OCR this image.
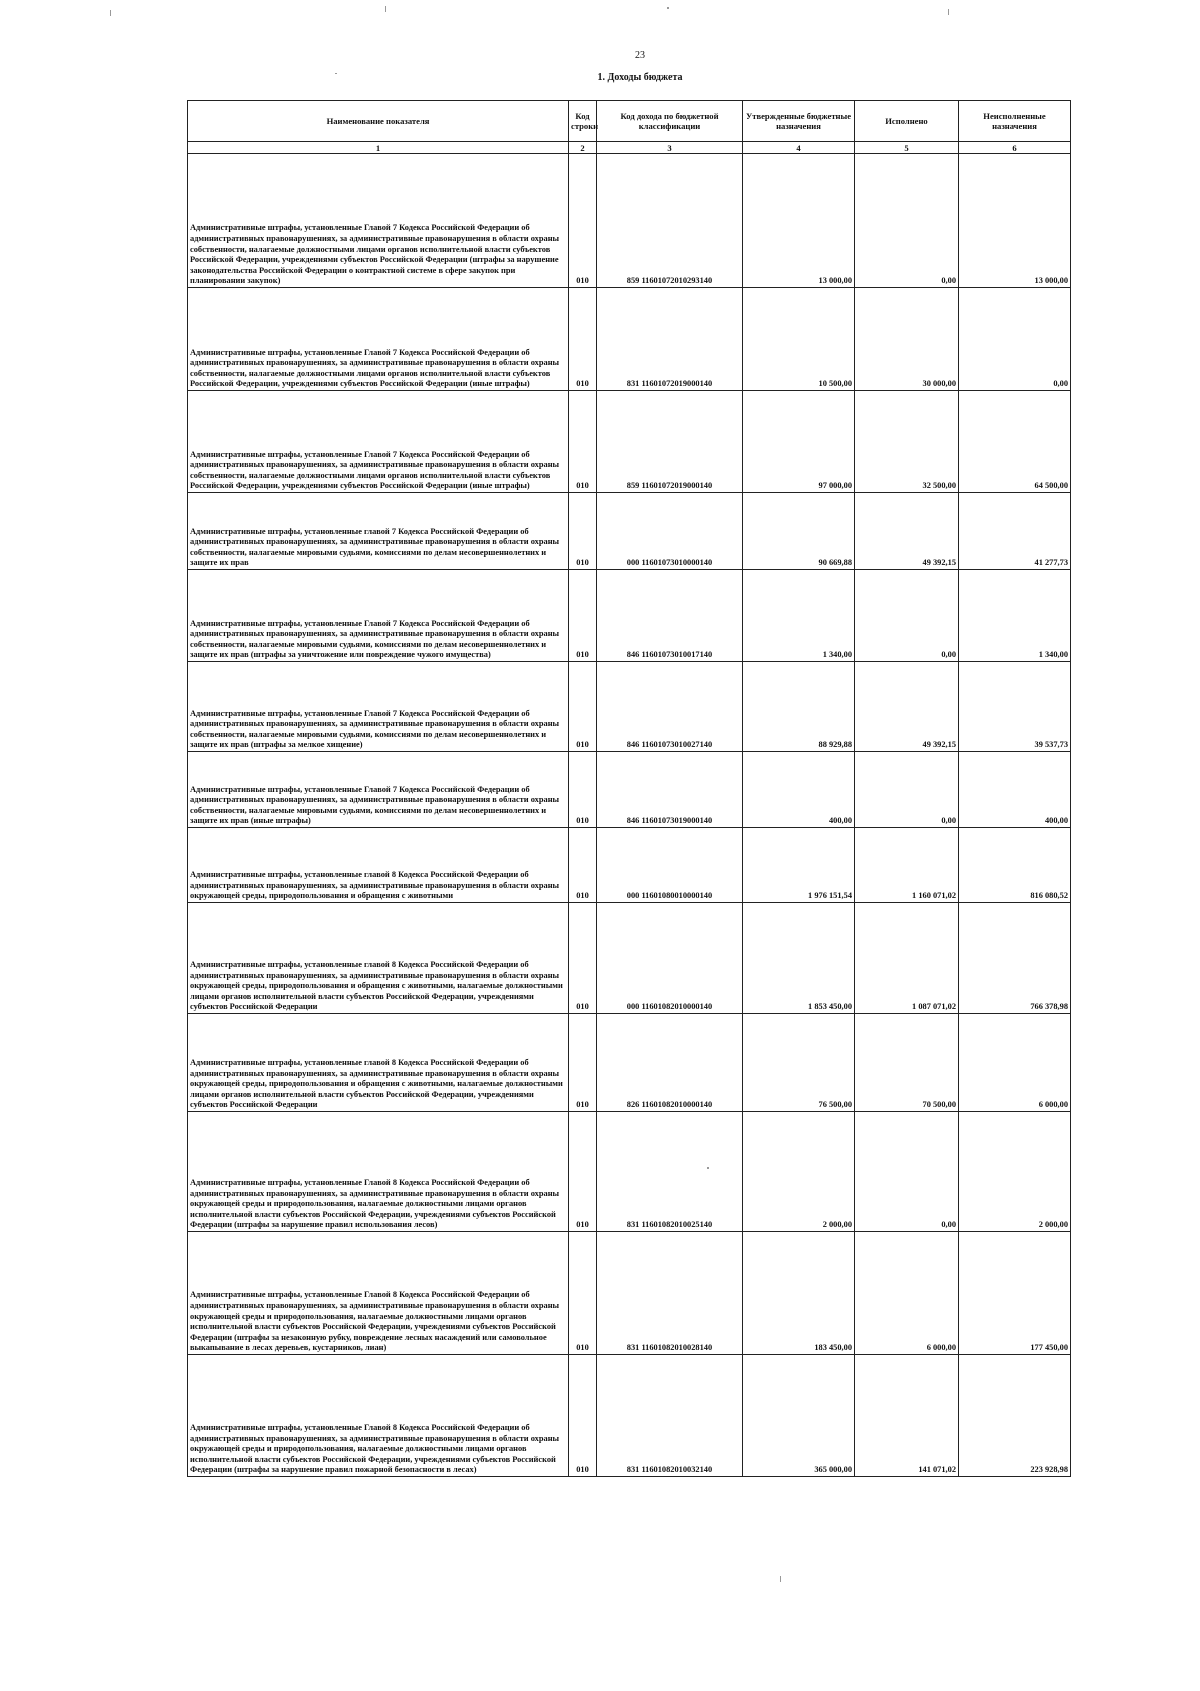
23
1. Доходы бюджета
Наименование показателя	Код строки	Код дохода по бюджетной классификации	Утвержденные бюджетные назначения	Исполнено	Неисполненные назначения
1	2	3	4	5	6
Административные штрафы, установленные Главой 7 Кодекса Российской Федерации об административных правонарушениях, за административные правонарушения в области охраны собственности, налагаемые должностными лицами органов исполнительной власти субъектов Российской Федерации, учреждениями субъектов Российской Федерации (штрафы за нарушение законодательства Российской Федерации о контрактной системе в сфере закупок при планировании закупок)	010	859 11601072010293140	13 000,00	0,00	13 000,00
Административные штрафы, установленные Главой 7 Кодекса Российской Федерации об административных правонарушениях, за административные правонарушения в области охраны собственности, налагаемые должностными лицами органов исполнительной власти субъектов Российской Федерации, учреждениями субъектов Российской Федерации (иные штрафы)	010	831 11601072019000140	10 500,00	30 000,00	0,00
Административные штрафы, установленные Главой 7 Кодекса Российской Федерации об административных правонарушениях, за административные правонарушения в области охраны собственности, налагаемые должностными лицами органов исполнительной власти субъектов Российской Федерации, учреждениями субъектов Российской Федерации (иные штрафы)	010	859 11601072019000140	97 000,00	32 500,00	64 500,00
Административные штрафы, установленные главой 7 Кодекса Российской Федерации об административных правонарушениях, за административные правонарушения в области охраны собственности, налагаемые мировыми судьями, комиссиями по делам несовершеннолетних и защите их прав	010	000 11601073010000140	90 669,88	49 392,15	41 277,73
Административные штрафы, установленные Главой 7 Кодекса Российской Федерации об административных правонарушениях, за административные правонарушения в области охраны собственности, налагаемые мировыми судьями, комиссиями по делам несовершеннолетних и защите их прав (штрафы за уничтожение или повреждение чужого имущества)	010	846 11601073010017140	1 340,00	0,00	1 340,00
Административные штрафы, установленные Главой 7 Кодекса Российской Федерации об административных правонарушениях, за административные правонарушения в области охраны собственности, налагаемые мировыми судьями, комиссиями по делам несовершеннолетних и защите их прав (штрафы за мелкое хищение)	010	846 11601073010027140	88 929,88	49 392,15	39 537,73
Административные штрафы, установленные Главой 7 Кодекса Российской Федерации об административных правонарушениях, за административные правонарушения в области охраны собственности, налагаемые мировыми судьями, комиссиями по делам несовершеннолетних и защите их прав (иные штрафы)	010	846 11601073019000140	400,00	0,00	400,00
Административные штрафы, установленные главой 8 Кодекса Российской Федерации об административных правонарушениях, за административные правонарушения в области охраны окружающей среды, природопользования и обращения с животными	010	000 11601080010000140	1 976 151,54	1 160 071,02	816 080,52
Административные штрафы, установленные главой 8 Кодекса Российской Федерации об административных правонарушениях, за административные правонарушения в области охраны окружающей среды, природопользования и обращения с животными, налагаемые должностными лицами органов исполнительной власти субъектов Российской Федерации, учреждениями субъектов Российской Федерации	010	000 11601082010000140	1 853 450,00	1 087 071,02	766 378,98
Административные штрафы, установленные главой 8 Кодекса Российской Федерации об административных правонарушениях, за административные правонарушения в области охраны окружающей среды, природопользования и обращения с животными, налагаемые должностными лицами органов исполнительной власти субъектов Российской Федерации, учреждениями субъектов Российской Федерации	010	826 11601082010000140	76 500,00	70 500,00	6 000,00
Административные штрафы, установленные Главой 8 Кодекса Российской Федерации об административных правонарушениях, за административные правонарушения в области охраны окружающей среды и природопользования, налагаемые должностными лицами органов исполнительной власти субъектов Российской Федерации, учреждениями субъектов Российской Федерации (штрафы за нарушение правил использования лесов)	010	831 11601082010025140	2 000,00	0,00	2 000,00
Административные штрафы, установленные Главой 8 Кодекса Российской Федерации об административных правонарушениях, за административные правонарушения в области охраны окружающей среды и природопользования, налагаемые должностными лицами органов исполнительной власти субъектов Российской Федерации, учреждениями субъектов Российской Федерации (штрафы за незаконную рубку, повреждение лесных насаждений или самовольное выкапывание в лесах деревьев, кустарников, лиан)	010	831 11601082010028140	183 450,00	6 000,00	177 450,00
Административные штрафы, установленные Главой 8 Кодекса Российской Федерации об административных правонарушениях, за административные правонарушения в области охраны окружающей среды и природопользования, налагаемые должностными лицами органов исполнительной власти субъектов Российской Федерации, учреждениями субъектов Российской Федерации (штрафы за нарушение правил пожарной безопасности в лесах)	010	831 11601082010032140	365 000,00	141 071,02	223 928,98
